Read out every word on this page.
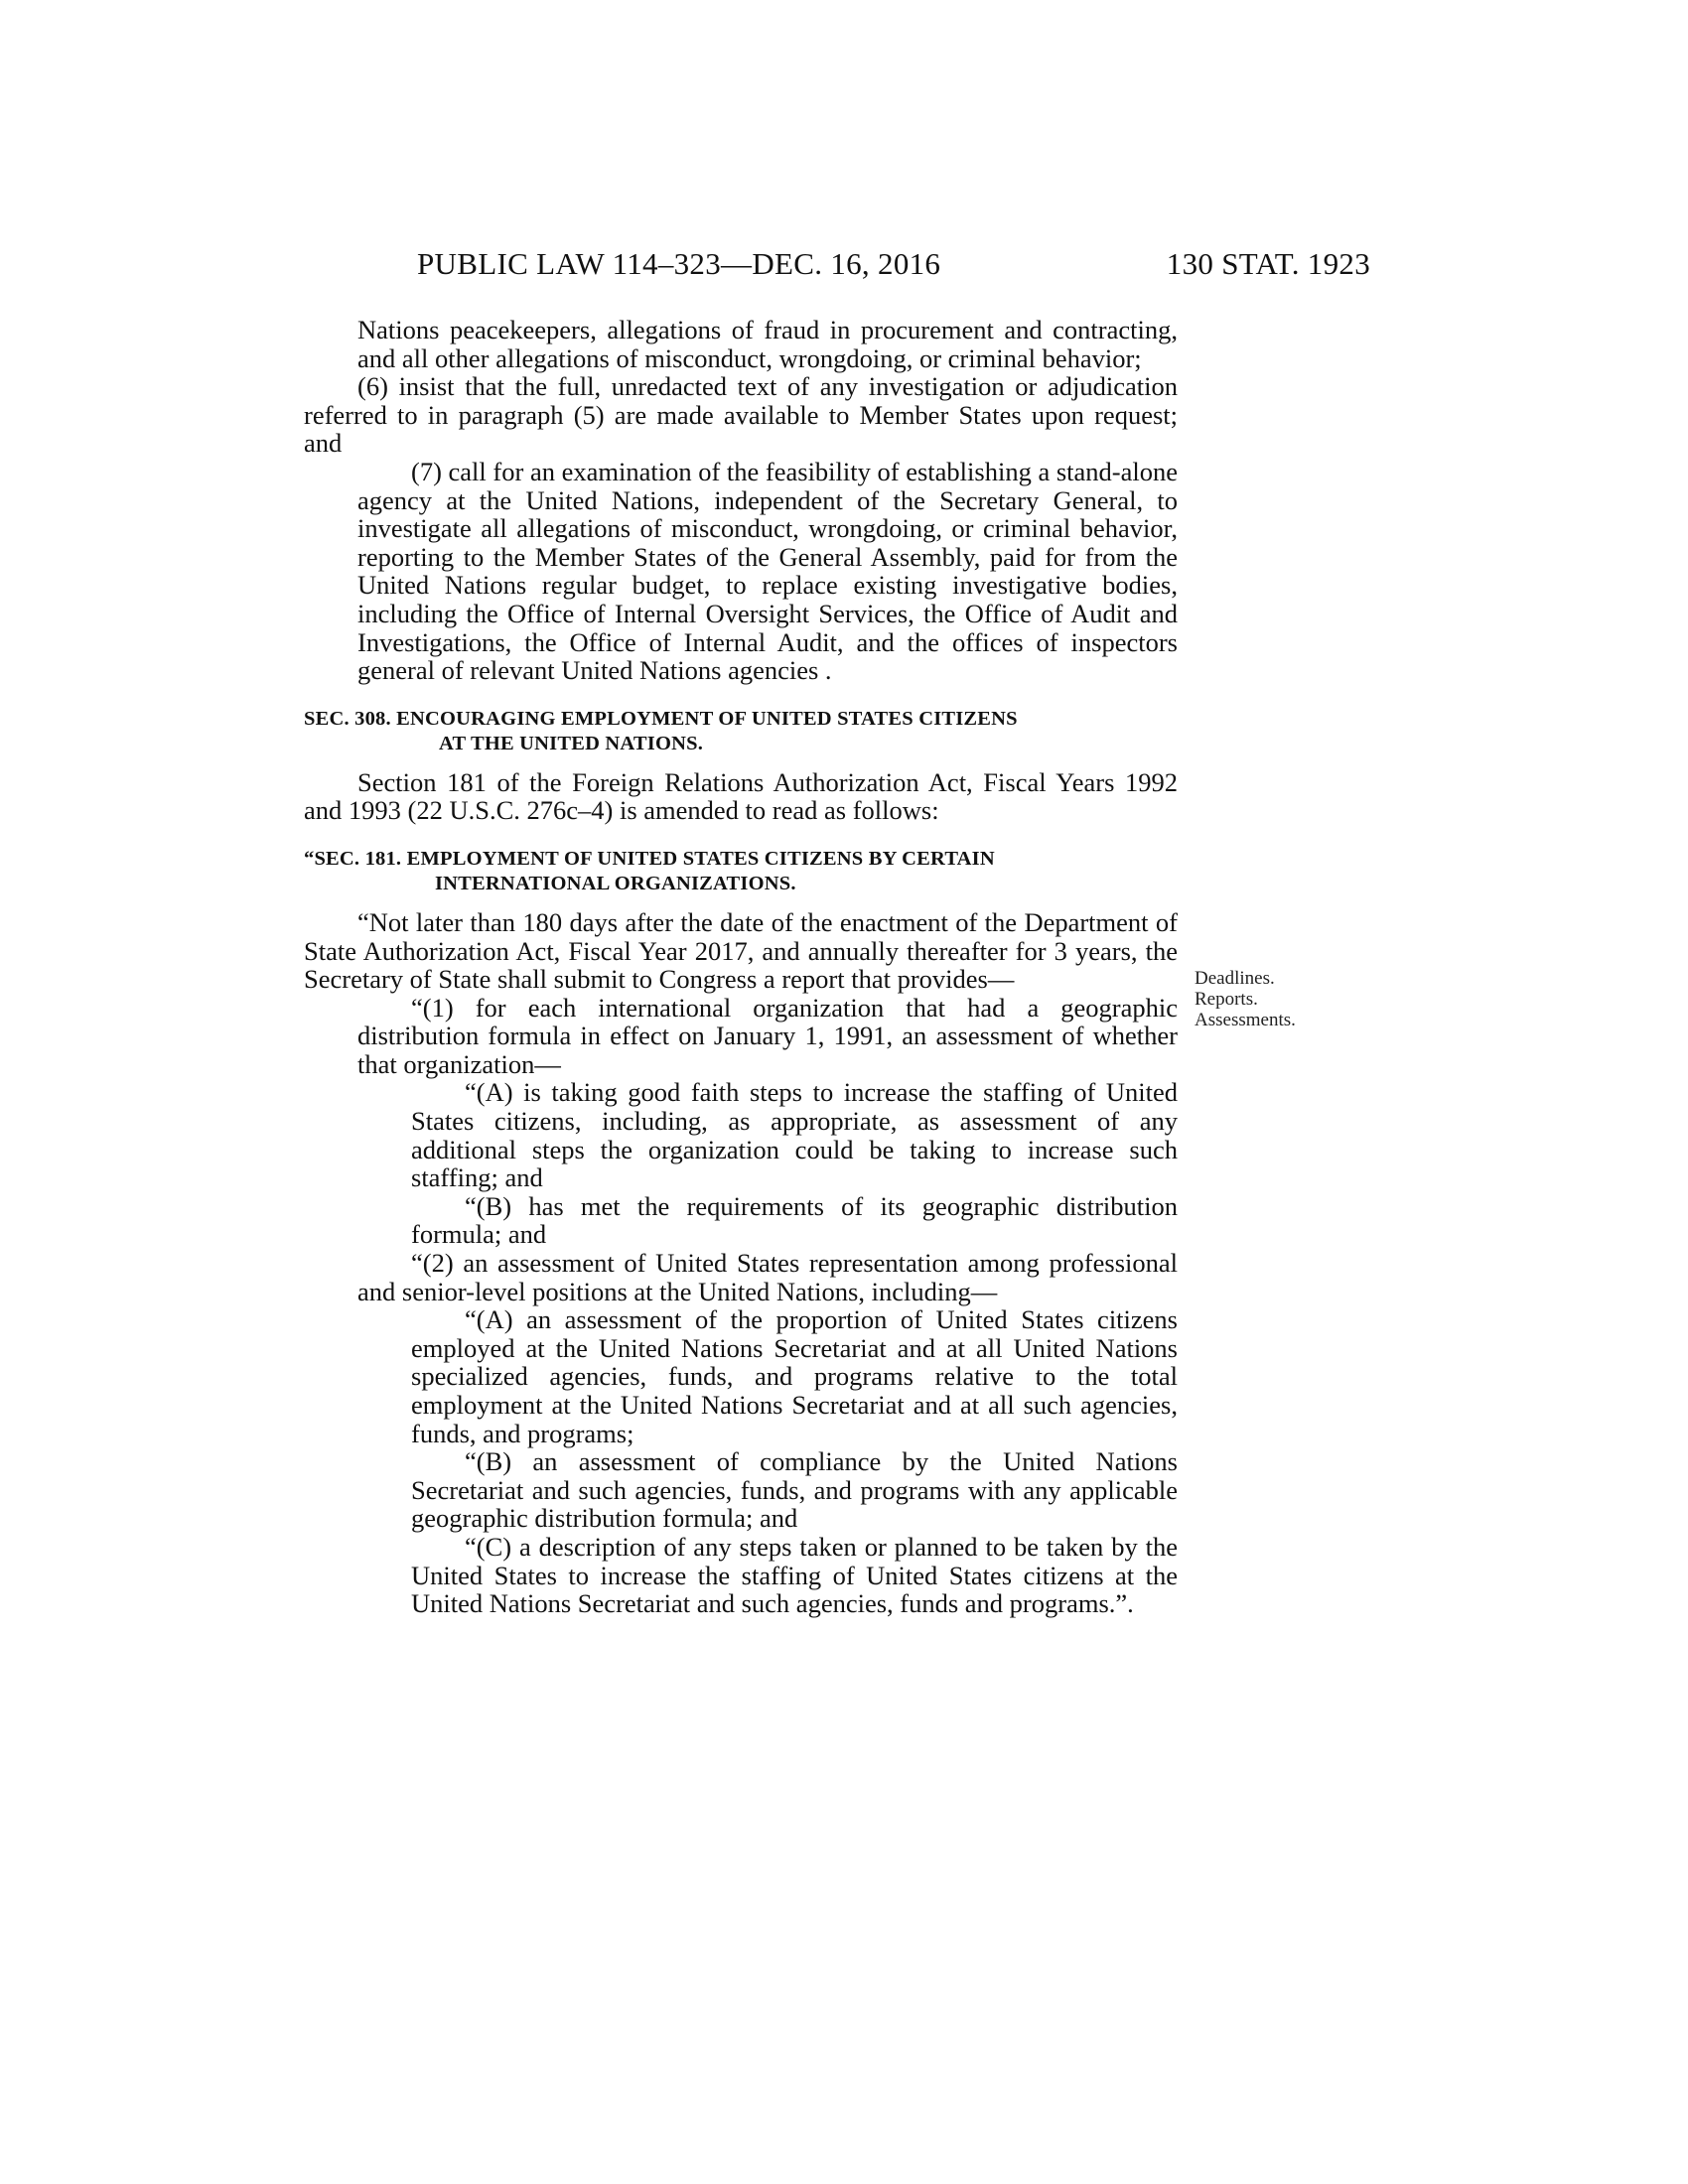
PUBLIC LAW 114–323—DEC. 16, 2016	130 STAT. 1923

Nations peacekeepers, allegations of fraud in procurement and contracting, and all other allegations of misconduct, wrongdoing, or criminal behavior;

(6) insist that the full, unredacted text of any investigation or adjudication referred to in paragraph (5) are made available to Member States upon request; and

(7) call for an examination of the feasibility of establishing a stand-alone agency at the United Nations, independent of the Secretary General, to investigate all allegations of misconduct, wrongdoing, or criminal behavior, reporting to the Member States of the General Assembly, paid for from the United Nations regular budget, to replace existing investigative bodies, including the Office of Internal Oversight Services, the Office of Audit and Investigations, the Office of Internal Audit, and the offices of inspectors general of relevant United Nations agencies .

SEC. 308. ENCOURAGING EMPLOYMENT OF UNITED STATES CITIZENS
AT THE UNITED NATIONS.

Section 181 of the Foreign Relations Authorization Act, Fiscal Years 1992 and 1993 (22 U.S.C. 276c–4) is amended to read as follows:

“SEC. 181. EMPLOYMENT OF UNITED STATES CITIZENS BY CERTAIN
INTERNATIONAL ORGANIZATIONS.

“Not later than 180 days after the date of the enactment of the Department of State Authorization Act, Fiscal Year 2017, and annually thereafter for 3 years, the Secretary of State shall submit to Congress a report that provides—

“(1) for each international organization that had a geographic distribution formula in effect on January 1, 1991, an assessment of whether that organization—

“(A) is taking good faith steps to increase the staffing of United States citizens, including, as appropriate, as assessment of any additional steps the organization could be taking to increase such staffing; and

“(B) has met the requirements of its geographic distribution formula; and

“(2) an assessment of United States representation among professional and senior-level positions at the United Nations, including—

“(A) an assessment of the proportion of United States citizens employed at the United Nations Secretariat and at all United Nations specialized agencies, funds, and programs relative to the total employment at the United Nations Secretariat and at all such agencies, funds, and programs;

“(B) an assessment of compliance by the United Nations Secretariat and such agencies, funds, and programs with any applicable geographic distribution formula; and

“(C) a description of any steps taken or planned to be taken by the United States to increase the staffing of United States citizens at the United Nations Secretariat and such agencies, funds and programs.”.

Deadlines.
Reports.
Assessments.
